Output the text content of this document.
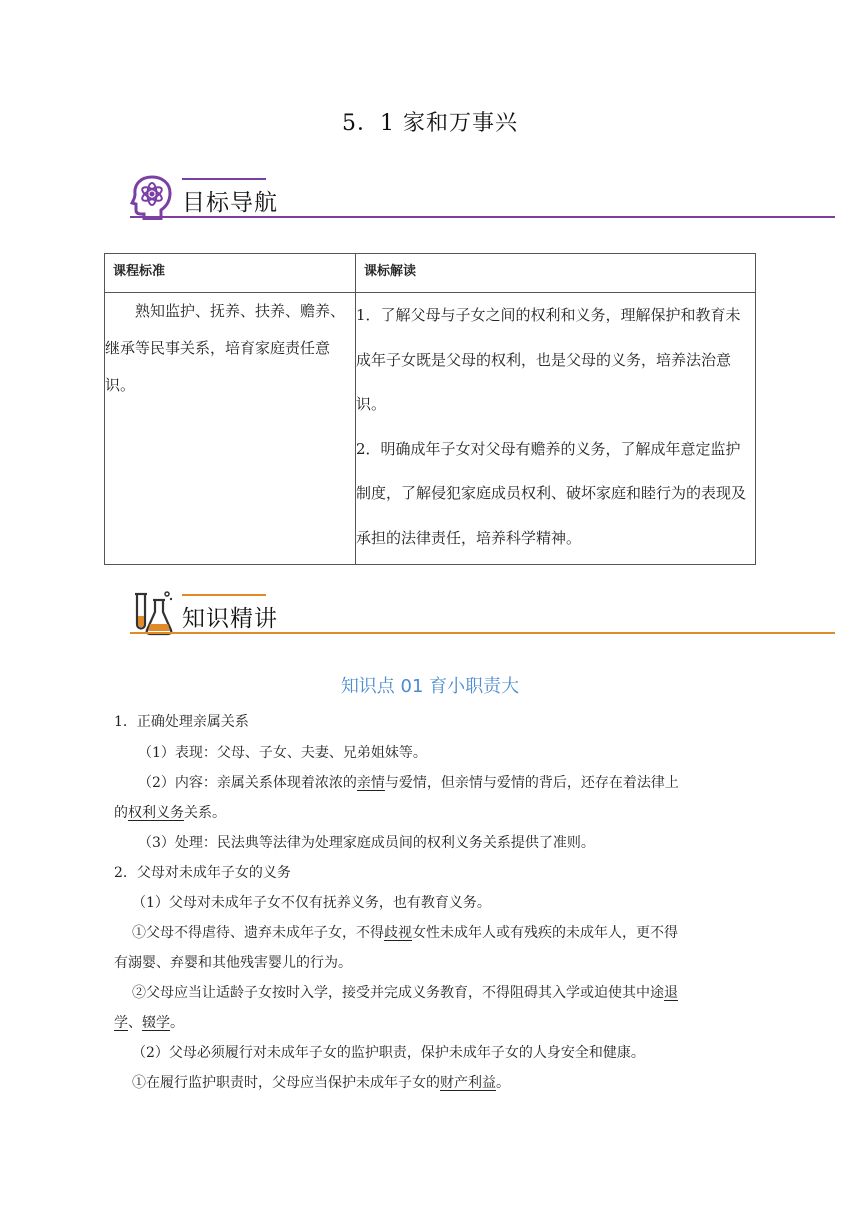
5．1 家和万事兴
目标导航
课程标准	课标解读

熟知监护、抚养、扶养、赡养、继承等民事关系，培育家庭责任意识。	1．了解父母与子女之间的权利和义务，理解保护和教育未成年子女既是父母的权利，也是父母的义务，培养法治意识。

2．明确成年子女对父母有赡养的义务，了解成年意定监护制度，了解侵犯家庭成员权利、破坏家庭和睦行为的表现及承担的法律责任，培养科学精神。

知识精讲
知识点 01 育小职责大

1．正确处理亲属关系

（1）表现：父母、子女、夫妻、兄弟姐妹等。

（2）内容：亲属关系体现着浓浓的亲情与爱情，但亲情与爱情的背后，还存在着法律上

的权利义务关系。

（3）处理：民法典等法律为处理家庭成员间的权利义务关系提供了准则。

2．父母对未成年子女的义务

（1）父母对未成年子女不仅有抚养义务，也有教育义务。

①父母不得虐待、遗弃未成年子女，不得歧视女性未成年人或有残疾的未成年人，更不得

有溺婴、弃婴和其他残害婴儿的行为。

②父母应当让适龄子女按时入学，接受并完成义务教育，不得阻碍其入学或迫使其中途退

学、辍学。

（2）父母必须履行对未成年子女的监护职责，保护未成年子女的人身安全和健康。

①在履行监护职责时，父母应当保护未成年子女的财产利益。
